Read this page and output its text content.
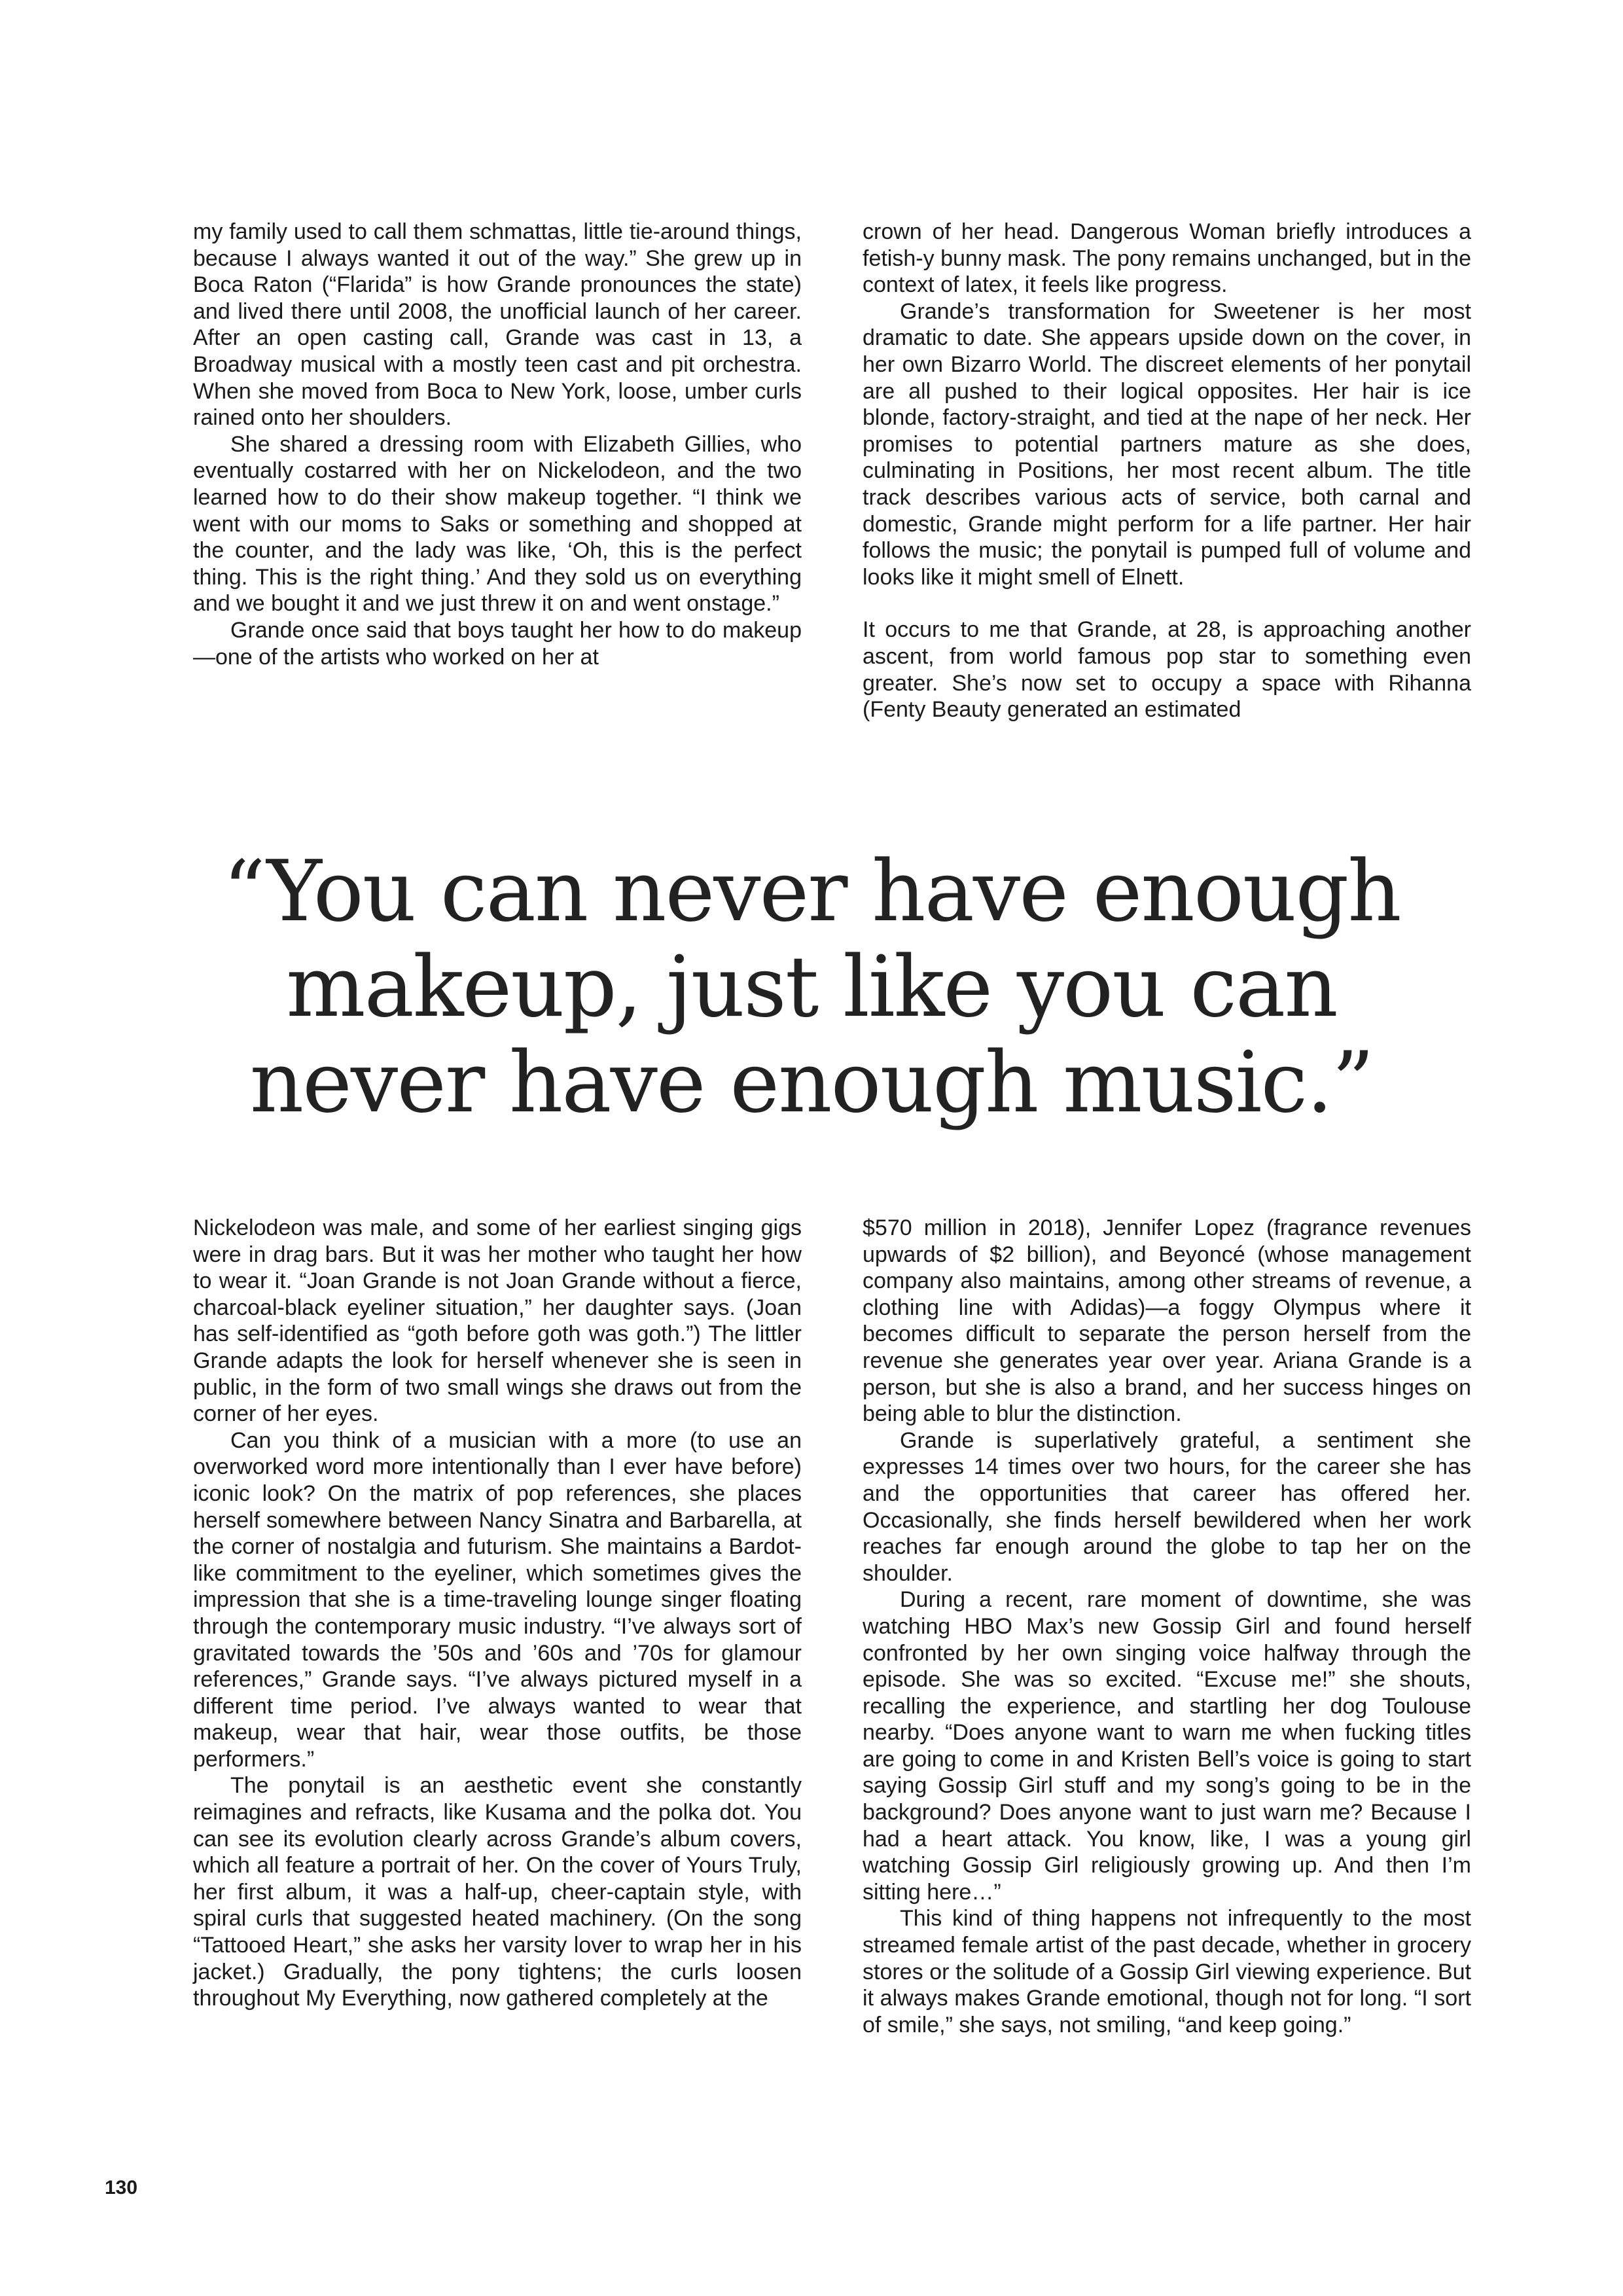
my family used to call them schmattas, little tie-around things, because I always wanted it out of the way.” She grew up in Boca Raton (“Flarida” is how Grande pronounces the state) and lived there until 2008, the unofficial launch of her career. After an open casting call, Grande was cast in 13, a Broadway musical with a mostly teen cast and pit orchestra. When she moved from Boca to New York, loose, umber curls rained onto her shoulders.

She shared a dressing room with Elizabeth Gillies, who eventually costarred with her on Nickelodeon, and the two learned how to do their show makeup together. “I think we went with our moms to Saks or something and shopped at the counter, and the lady was like, ‘Oh, this is the perfect thing. This is the right thing.’ And they sold us on everything and we bought it and we just threw it on and went onstage.”

Grande once said that boys taught her how to do makeup—one of the artists who worked on her at

crown of her head. Dangerous Woman briefly introduces a fetish-y bunny mask. The pony remains unchanged, but in the context of latex, it feels like progress.

Grande’s transformation for Sweetener is her most dramatic to date. She appears upside down on the cover, in her own Bizarro World. The discreet elements of her ponytail are all pushed to their logical opposites. Her hair is ice blonde, factory-straight, and tied at the nape of her neck. Her promises to potential partners mature as she does, culminating in Positions, her most recent album. The title track describes various acts of service, both carnal and domestic, Grande might perform for a life partner. Her hair follows the music; the ponytail is pumped full of volume and looks like it might smell of Elnett.

It occurs to me that Grande, at 28, is approaching another ascent, from world famous pop star to something even greater. She’s now set to occupy a space with Rihanna (Fenty Beauty generated an estimated

“You can never have enough makeup, just like you can never have enough music.”

Nickelodeon was male, and some of her earliest singing gigs were in drag bars. But it was her mother who taught her how to wear it. “Joan Grande is not Joan Grande without a fierce, charcoal-black eyeliner situation,” her daughter says. (Joan has self-identified as “goth before goth was goth.”) The littler Grande adapts the look for herself whenever she is seen in public, in the form of two small wings she draws out from the corner of her eyes.

Can you think of a musician with a more (to use an overworked word more intentionally than I ever have before) iconic look? On the matrix of pop references, she places herself somewhere between Nancy Sinatra and Barbarella, at the corner of nostalgia and futurism. She maintains a Bardot-like commitment to the eyeliner, which sometimes gives the impression that she is a time-traveling lounge singer floating through the contemporary music industry. “I’ve always sort of gravitated towards the ’50s and ’60s and ’70s for glamour references,” Grande says. “I’ve always pictured myself in a different time period. I’ve always wanted to wear that makeup, wear that hair, wear those outfits, be those performers.”

The ponytail is an aesthetic event she constantly reimagines and refracts, like Kusama and the polka dot. You can see its evolution clearly across Grande’s album covers, which all feature a portrait of her. On the cover of Yours Truly, her first album, it was a half-up, cheer-captain style, with spiral curls that suggested heated machinery. (On the song “Tattooed Heart,” she asks her varsity lover to wrap her in his jacket.) Gradually, the pony tightens; the curls loosen throughout My Everything, now gathered completely at the

$570 million in 2018), Jennifer Lopez (fragrance revenues upwards of $2 billion), and Beyoncé (whose management company also maintains, among other streams of revenue, a clothing line with Adidas)—a foggy Olympus where it becomes difficult to separate the person herself from the revenue she generates year over year. Ariana Grande is a person, but she is also a brand, and her success hinges on being able to blur the distinction.

Grande is superlatively grateful, a sentiment she expresses 14 times over two hours, for the career she has and the opportunities that career has offered her. Occasionally, she finds herself bewildered when her work reaches far enough around the globe to tap her on the shoulder.

During a recent, rare moment of downtime, she was watching HBO Max’s new Gossip Girl and found herself confronted by her own singing voice halfway through the episode. She was so excited. “Excuse me!” she shouts, recalling the experience, and startling her dog Toulouse nearby. “Does anyone want to warn me when fucking titles are going to come in and Kristen Bell’s voice is going to start saying Gossip Girl stuff and my song’s going to be in the background? Does anyone want to just warn me? Because I had a heart attack. You know, like, I was a young girl watching Gossip Girl religiously growing up. And then I’m sitting here…”

This kind of thing happens not infrequently to the most streamed female artist of the past decade, whether in grocery stores or the solitude of a Gossip Girl viewing experience. But it always makes Grande emotional, though not for long. “I sort of smile,” she says, not smiling, “and keep going.”

130
